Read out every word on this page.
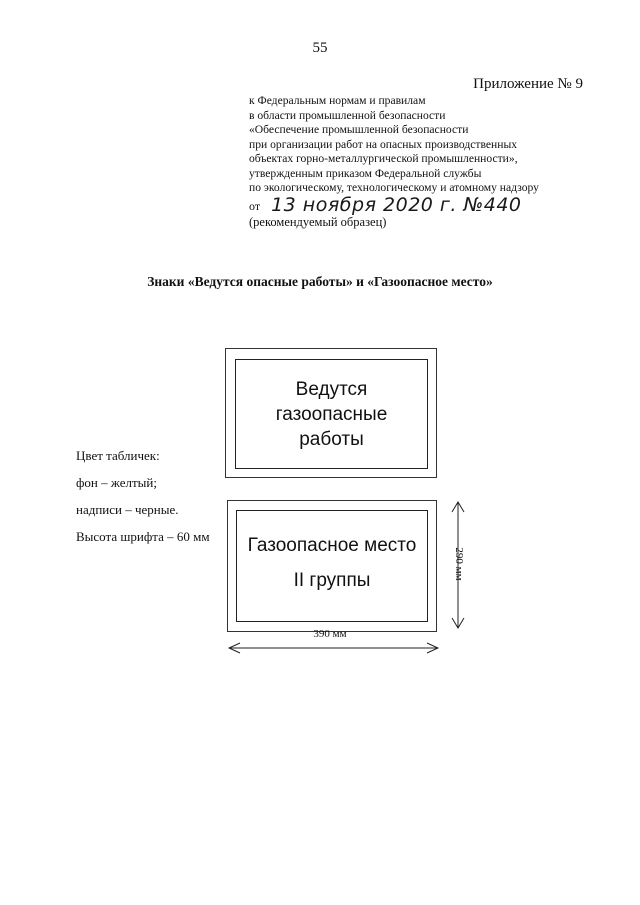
55
Приложение № 9
к Федеральным нормам и правилам
в области промышленной безопасности
«Обеспечение промышленной безопасности
при организации работ на опасных производственных
объектах горно-металлургической промышленности»,
утвержденным приказом Федеральной службы
по экологическому, технологическому и атомному надзору
от 13 ноября 2020 г. №440
(рекомендуемый образец)
Знаки «Ведутся опасные работы» и «Газоопасное место»
Ведутся
газоопасные
работы
Цвет табличек:
фон – желтый;
надписи – черные.
Высота шрифта – 60 мм Газоопасное место
II группы
390 мм
290 мм
